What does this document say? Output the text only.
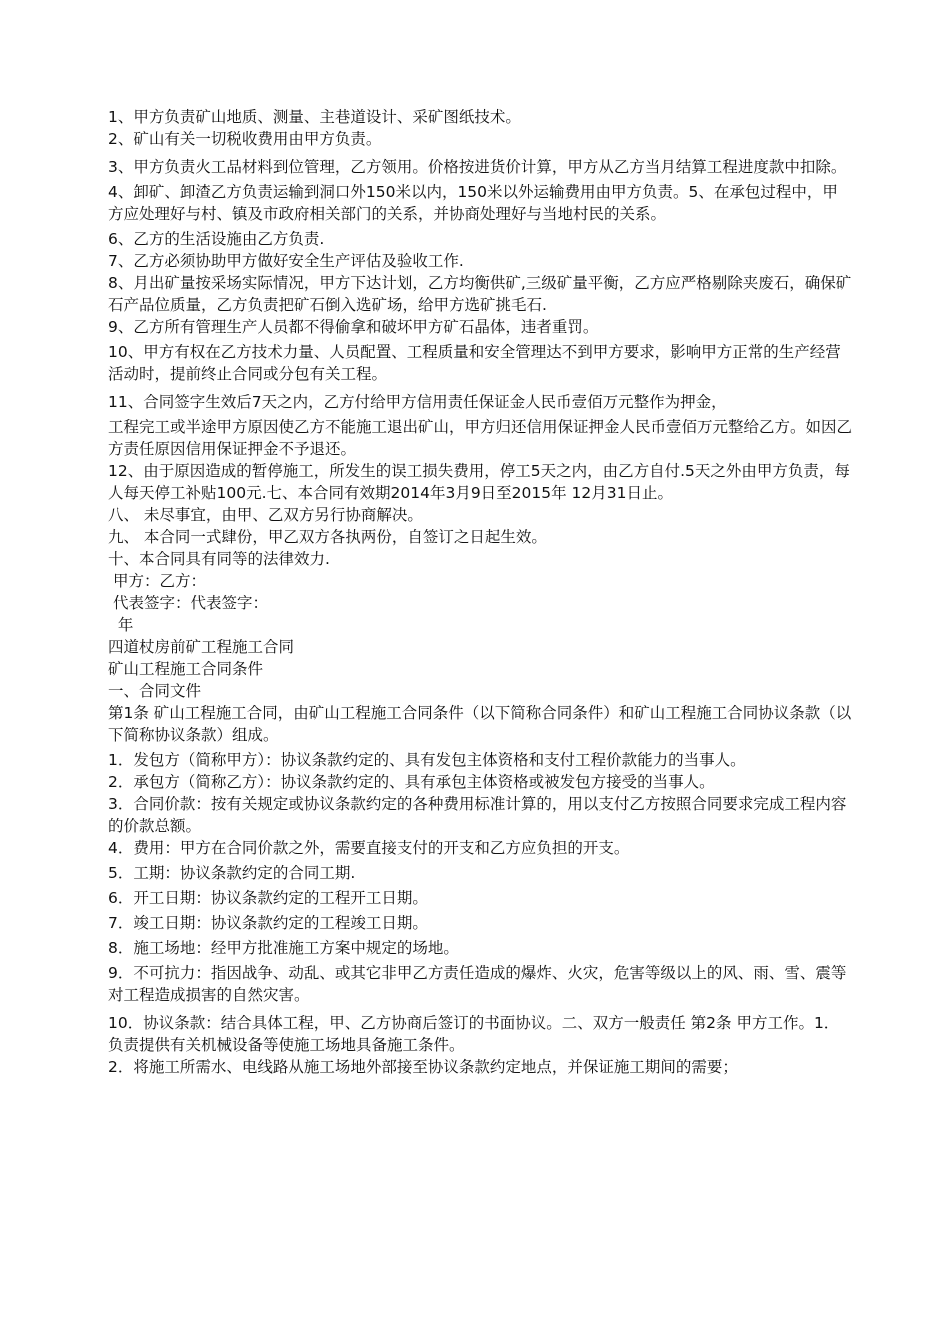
1、甲方负责矿山地质、测量、主巷道设计、采矿图纸技术。

2、矿山有关一切税收费用由甲方负责。

3、甲方负责火工品材料到位管理，乙方领用。价格按进货价计算，甲方从乙方当月结算工程进度款中扣除。

4、卸矿、卸渣乙方负责运输到洞口外150米以内，150米以外运输费用由甲方负责。5、在承包过程中，甲方应处理好与村、镇及市政府相关部门的关系，并协商处理好与当地村民的关系。

6、乙方的生活设施由乙方负责.

7、乙方必须协助甲方做好安全生产评估及验收工作.

8、月出矿量按采场实际情况，甲方下达计划，乙方均衡供矿,三级矿量平衡，乙方应严格剔除夹废石，确保矿石产品位质量，乙方负责把矿石倒入选矿场，给甲方选矿挑毛石.

9、乙方所有管理生产人员都不得偷拿和破坏甲方矿石晶体，违者重罚。

10、甲方有权在乙方技术力量、人员配置、工程质量和安全管理达不到甲方要求，影响甲方正常的生产经营活动时，提前终止合同或分包有关工程。

11、合同签字生效后7天之内，乙方付给甲方信用责任保证金人民币壹佰万元整作为押金，

工程完工或半途甲方原因使乙方不能施工退出矿山，甲方归还信用保证押金人民币壹佰万元整给乙方。如因乙方责任原因信用保证押金不予退还。

12、由于原因造成的暂停施工，所发生的误工损失费用，停工5天之内，由乙方自付.5天之外由甲方负责，每人每天停工补贴100元.七、本合同有效期2014年3月9日至2015年 12月31日止。

八、 未尽事宜，由甲、乙双方另行协商解决。

九、 本合同一式肆份，甲乙双方各执两份，自签订之日起生效。

十、本合同具有同等的法律效力.

甲方：乙方：

代表签字：代表签字：

年

四道杖房前矿工程施工合同

矿山工程施工合同条件

一、合同文件

第1条 矿山工程施工合同，由矿山工程施工合同条件（以下简称合同条件）和矿山工程施工合同协议条款（以下简称协议条款）组成。

1．发包方（简称甲方）：协议条款约定的、具有发包主体资格和支付工程价款能力的当事人。

2．承包方（简称乙方）：协议条款约定的、具有承包主体资格或被发包方接受的当事人。

3．合同价款：按有关规定或协议条款约定的各种费用标准计算的，用以支付乙方按照合同要求完成工程内容的价款总额。

4．费用：甲方在合同价款之外，需要直接支付的开支和乙方应负担的开支。

5．工期：协议条款约定的合同工期.

6．开工日期：协议条款约定的工程开工日期。

7．竣工日期：协议条款约定的工程竣工日期。

8．施工场地：经甲方批准施工方案中规定的场地。

9．不可抗力：指因战争、动乱、或其它非甲乙方责任造成的爆炸、火灾，危害等级以上的风、雨、雪、震等对工程造成损害的自然灾害。

10．协议条款：结合具体工程，甲、乙方协商后签订的书面协议。二、双方一般责任 第2条 甲方工作。1．负责提供有关机械设备等使施工场地具备施工条件。

2．将施工所需水、电线路从施工场地外部接至协议条款约定地点，并保证施工期间的需要；
